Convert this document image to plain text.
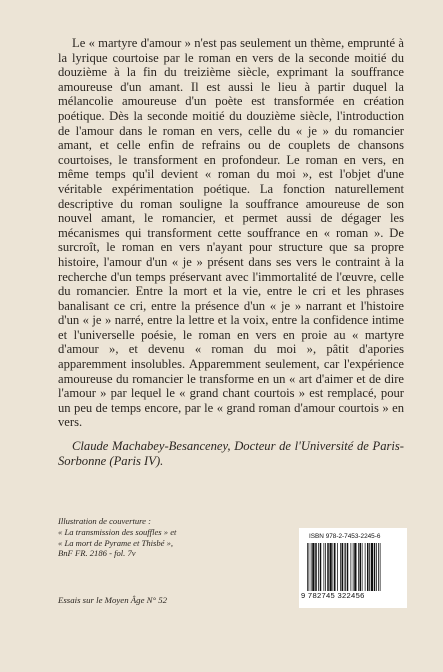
Le « martyre d'amour » n'est pas seulement un thème, emprunté à la lyrique courtoise par le roman en vers de la seconde moitié du douzième à la fin du treizième siècle, exprimant la souffrance amoureuse d'un amant. Il est aussi le lieu à partir duquel la mélancolie amoureuse d'un poète est transformée en création poétique. Dès la seconde moitié du douzième siècle, l'introduction de l'amour dans le roman en vers, celle du « je » du romancier amant, et celle enfin de refrains ou de couplets de chansons courtoises, le transforment en profondeur. Le roman en vers, en même temps qu'il devient « roman du moi », est l'objet d'une véritable expérimentation poétique. La fonction naturellement descriptive du roman souligne la souffrance amoureuse de son nouvel amant, le romancier, et permet aussi de dégager les mécanismes qui transforment cette souffrance en « roman ». De surcroît, le roman en vers n'ayant pour structure que sa propre histoire, l'amour d'un « je » présent dans ses vers le contraint à la recherche d'un temps préservant avec l'immortalité de l'œuvre, celle du romancier. Entre la mort et la vie, entre le cri et les phrases banalisant ce cri, entre la présence d'un « je » narrant et l'histoire d'un « je » narré, entre la lettre et la voix, entre la confidence intime et l'universelle poésie, le roman en vers en proie au « martyre d'amour », et devenu « roman du moi », pâtit d'apories apparemment insolubles. Apparemment seulement, car l'expérience amoureuse du romancier le transforme en un « art d'aimer et de dire l'amour » par lequel le « grand chant courtois » est remplacé, pour un peu de temps encore, par le « grand roman d'amour courtois » en vers.

Claude Machabey-Besanceney, Docteur de l'Université de Paris-Sorbonne (Paris IV).

Illustration de couverture :
« La transmission des souffles » et
« La mort de Pyrame et Thisbé »,
BnF FR. 2186 - fol. 7v
Essais sur le Moyen Âge N° 52
ISBN 978-2-7453-2245-6
9 782745 322456
